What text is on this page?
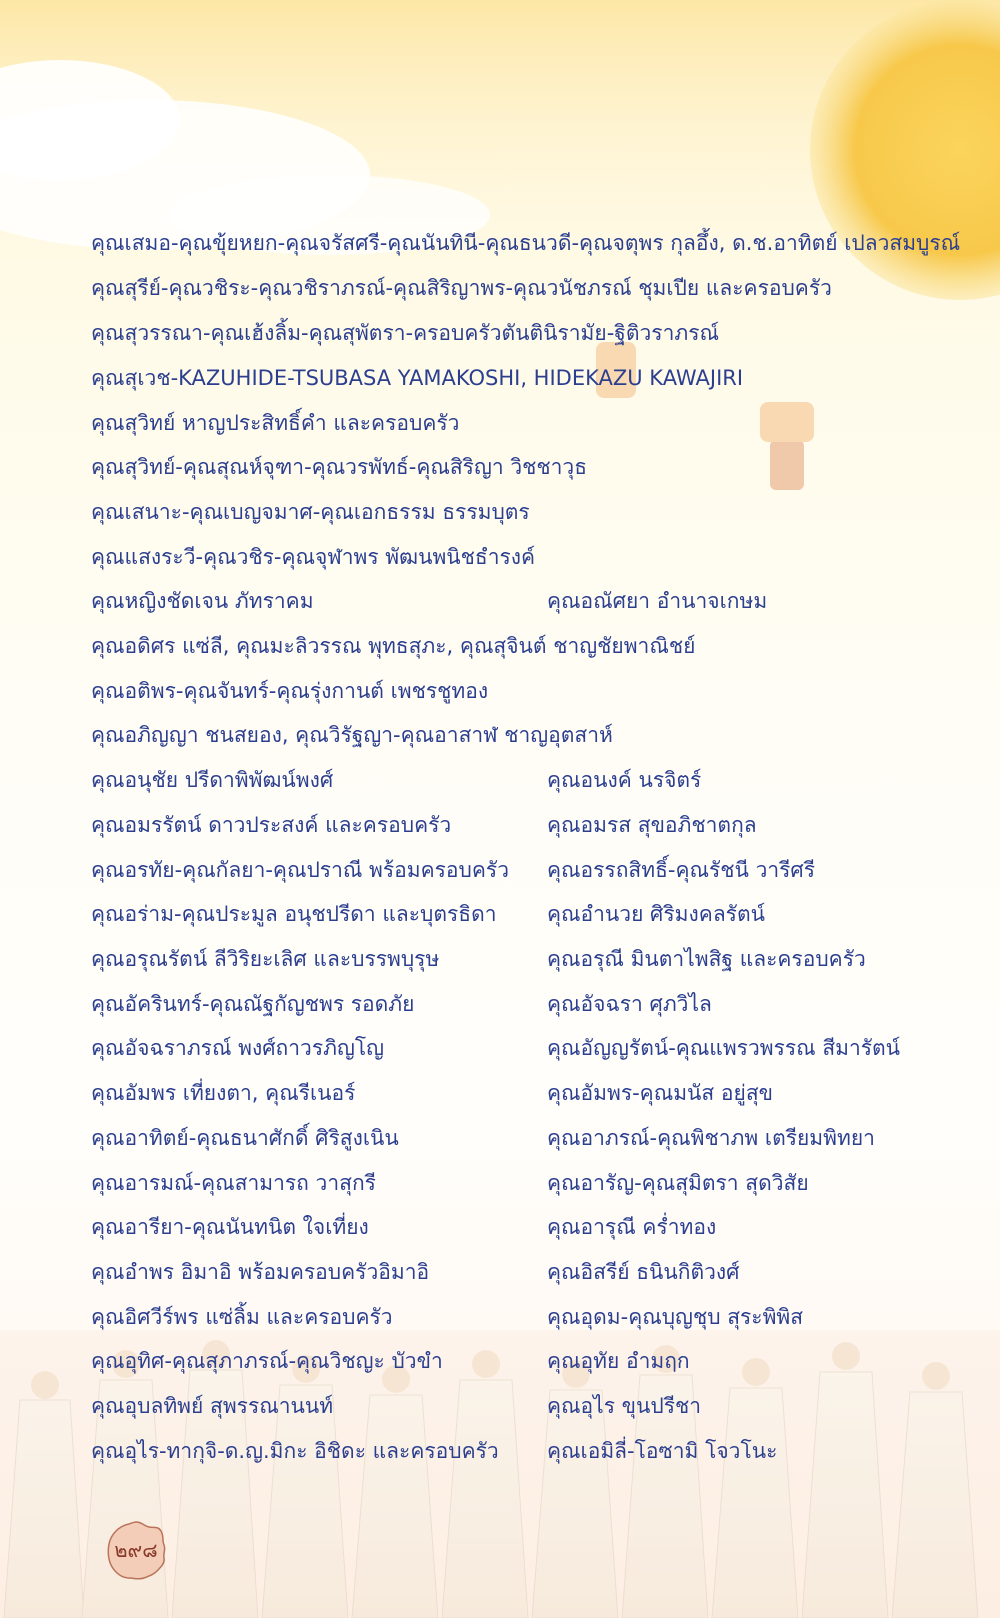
คุณเสมอ-คุณขุ้ยหยก-คุณจรัสศรี-คุณนันทินี-คุณธนวดี-คุณจตุพร กุลอึ้ง, ด.ช.อาทิตย์ เปลวสมบูรณ์
คุณสุรีย์-คุณวชิระ-คุณวชิราภรณ์-คุณสิริญาพร-คุณวนัชภรณ์ ชุมเปีย และครอบครัว
คุณสุวรรณา-คุณเฮ้งลิ้ม-คุณสุพัตรา-ครอบครัวตันตินิรามัย-ฐิติวราภรณ์
คุณสุเวช-KAZUHIDE-TSUBASA YAMAKOSHI, HIDEKAZU KAWAJIRI
คุณสุวิทย์ หาญประสิทธิ์คำ และครอบครัว
คุณสุวิทย์-คุณสุณห์จุฑา-คุณวรพัทธ์-คุณสิริญา วิชชาวุธ
คุณเสนาะ-คุณเบญจมาศ-คุณเอกธรรม ธรรมบุตร
คุณแสงระวี-คุณวชิร-คุณจุฬาพร พัฒนพนิชธำรงค์
คุณหญิงชัดเจน ภัทราคม	คุณอณัศยา อำนาจเกษม
คุณอดิศร แซ่ลี, คุณมะลิวรรณ พุทธสุภะ, คุณสุจินต์ ชาญชัยพาณิชย์
คุณอติพร-คุณจันทร์-คุณรุ่งกานต์ เพชรชูทอง
คุณอภิญญา ชนสยอง, คุณวิรัฐญา-คุณอาสาฬ ชาญอุตสาห์
คุณอนุชัย ปรีดาพิพัฒน์พงศ์	คุณอนงค์ นรจิตร์
คุณอมรรัตน์ ดาวประสงค์ และครอบครัว	คุณอมรส สุขอภิชาตกุล
คุณอรทัย-คุณกัลยา-คุณปราณี พร้อมครอบครัว	คุณอรรถสิทธิ์-คุณรัชนี วารีศรี
คุณอร่าม-คุณประมูล อนุชปรีดา และบุตรธิดา	คุณอำนวย ศิริมงคลรัตน์
คุณอรุณรัตน์ ลีวิริยะเลิศ และบรรพบุรุษ	คุณอรุณี มินตาไพสิฐ และครอบครัว
คุณอัครินทร์-คุณณัฐกัญชพร รอดภัย	คุณอัจฉรา ศุภวิไล
คุณอัจฉราภรณ์ พงศ์ถาวรภิญโญ	คุณอัญญรัตน์-คุณแพรวพรรณ สีมารัตน์
คุณอัมพร เที่ยงตา, คุณรีเนอร์	คุณอัมพร-คุณมนัส อยู่สุข
คุณอาทิตย์-คุณธนาศักดิ์ ศิริสูงเนิน	คุณอาภรณ์-คุณพิชาภพ เตรียมพิทยา
คุณอารมณ์-คุณสามารถ วาสุกรี	คุณอารัญ-คุณสุมิตรา สุดวิสัย
คุณอารียา-คุณนันทนิต ใจเที่ยง	คุณอารุณี คร่ำทอง
คุณอำพร อิมาอิ พร้อมครอบครัวอิมาอิ	คุณอิสรีย์ ธนินกิติวงศ์
คุณอิศวีร์พร แซ่ลิ้ม และครอบครัว	คุณอุดม-คุณบุญชุบ สุระพิพิส
คุณอุทิศ-คุณสุภาภรณ์-คุณวิชญะ บัวขำ	คุณอุทัย อำมฤก
คุณอุบลทิพย์ สุพรรณานนท์	คุณอุไร ขุนปรีชา
คุณอุไร-ทากุจิ-ด.ญ.มิกะ อิชิดะ และครอบครัว	คุณเอมิลี่-โอซามิ โจวโนะ
๒๙๘
